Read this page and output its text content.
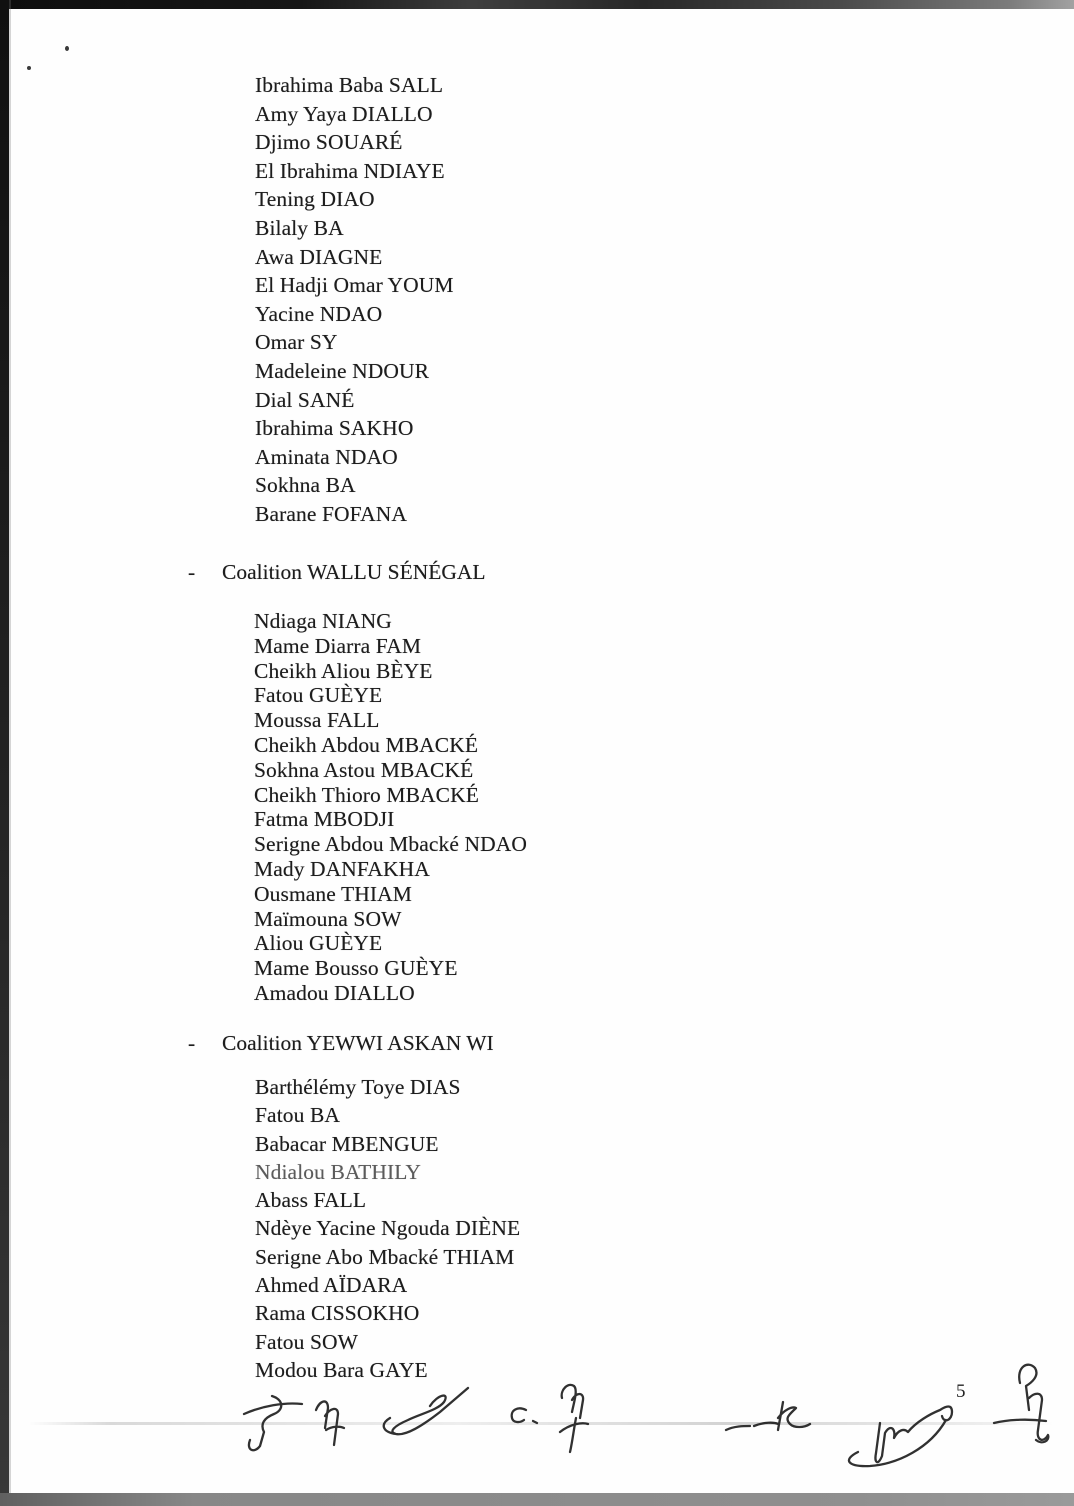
Ibrahima Baba SALL
Amy Yaya DIALLO
Djimo SOUARÉ
El Ibrahima NDIAYE
Tening DIAO
Bilaly BA
Awa DIAGNE
El Hadji Omar YOUM
Yacine NDAO
Omar SY
Madeleine NDOUR
Dial SANÉ
Ibrahima SAKHO
Aminata NDAO
Sokhna BA
Barane FOFANA
-	Coalition WALLU SÉNÉGAL
Ndiaga NIANG
Mame Diarra FAM
Cheikh Aliou BÈYE
Fatou GUÈYE
Moussa FALL
Cheikh Abdou MBACKÉ
Sokhna Astou MBACKÉ
Cheikh Thioro MBACKÉ
Fatma MBODJI
Serigne Abdou Mbacké NDAO
Mady DANFAKHA
Ousmane THIAM
Maïmouna SOW
Aliou GUÈYE
Mame Bousso GUÈYE
Amadou DIALLO
-	Coalition YEWWI ASKAN WI
Barthélémy Toye DIAS
Fatou BA
Babacar MBENGUE
Ndialou BATHILY
Abass FALL
Ndèye Yacine Ngouda DIÈNE
Serigne Abo Mbacké THIAM
Ahmed AÏDARA
Rama CISSOKHO
Fatou SOW
Modou Bara GAYE
5
